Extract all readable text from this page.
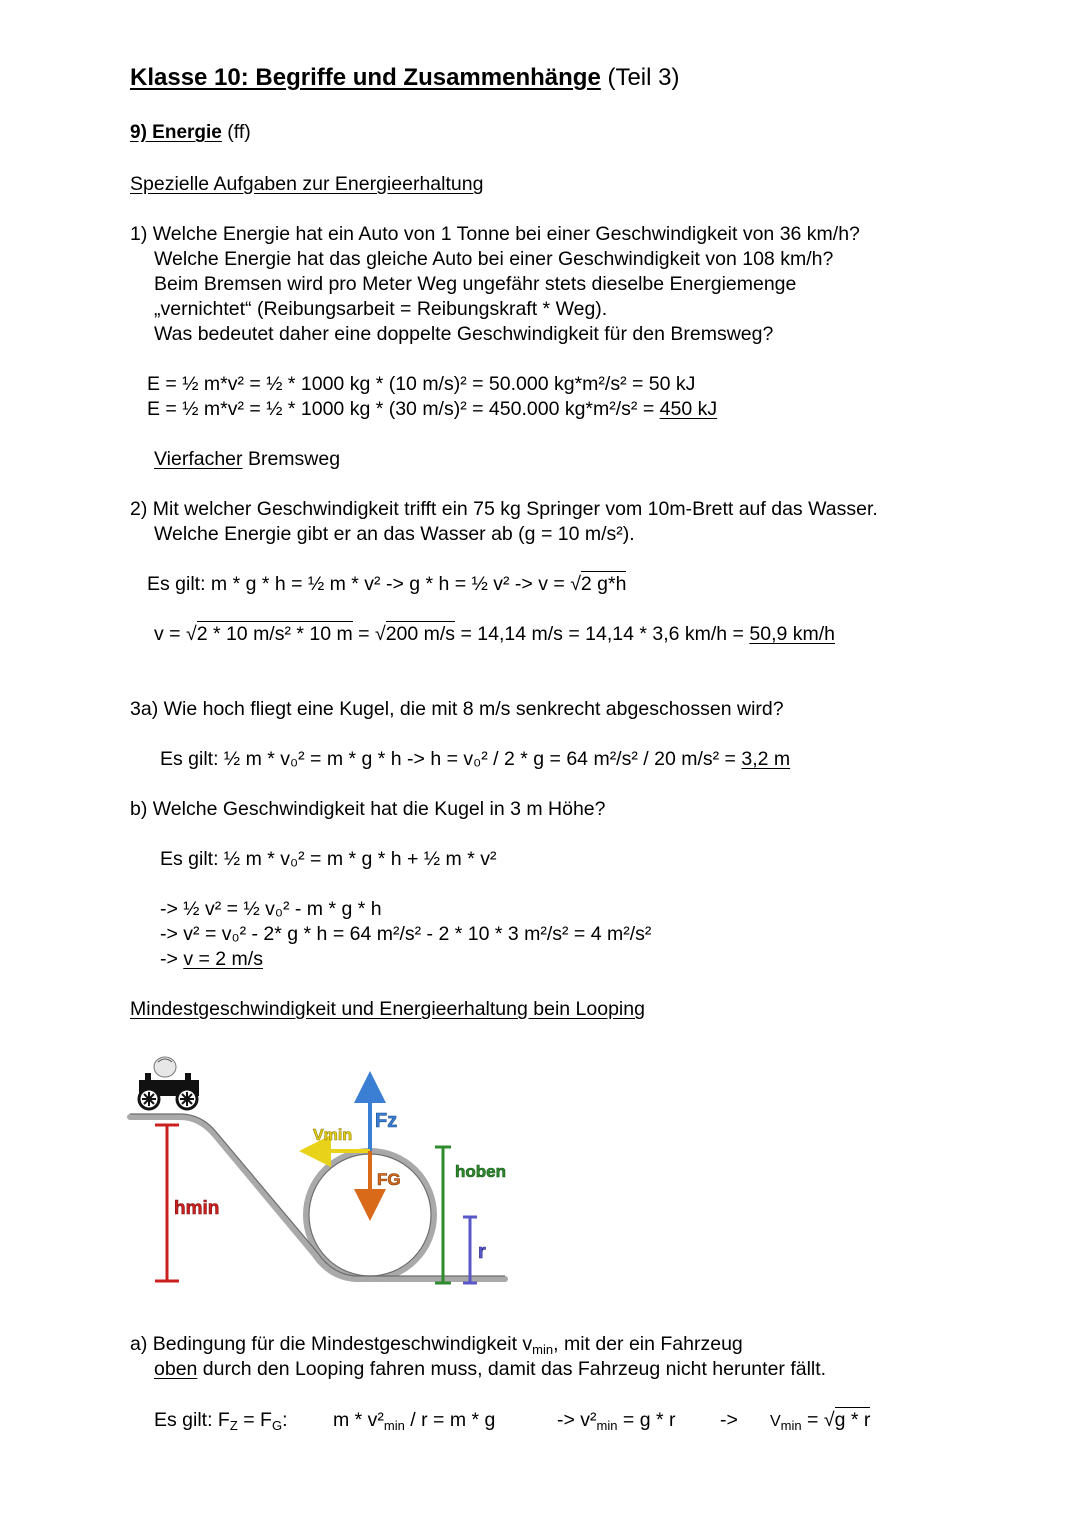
Klasse 10: Begriffe und Zusammenhänge (Teil 3)
9) Energie (ff)
Spezielle Aufgaben zur Energieerhaltung
1) Welche Energie hat ein Auto von 1 Tonne bei einer Geschwindigkeit von 36 km/h?
Welche Energie hat das gleiche Auto bei einer Geschwindigkeit von 108 km/h?
Beim Bremsen wird pro Meter Weg ungefähr stets dieselbe Energiemenge
„vernichtet“ (Reibungsarbeit = Reibungskraft * Weg).
Was bedeutet daher eine doppelte Geschwindigkeit für den Bremsweg?
E = ½ m*v² = ½ * 1000 kg * (10 m/s)² = 50.000 kg*m²/s² = 50 kJ
E = ½ m*v² = ½ * 1000 kg * (30 m/s)² = 450.000 kg*m²/s² = 450 kJ
Vierfacher Bremsweg
2) Mit welcher Geschwindigkeit trifft ein 75 kg Springer vom 10m-Brett auf das Wasser.
Welche Energie gibt er an das Wasser ab (g = 10 m/s²).
Es gilt: m * g * h = ½ m * v² -> g * h = ½ v² -> v = √2 g*h
v = √2 * 10 m/s² * 10 m = √200 m/s = 14,14 m/s = 14,14 * 3,6 km/h = 50,9 km/h
3a) Wie hoch fliegt eine Kugel, die mit 8 m/s senkrecht abgeschossen wird?
Es gilt: ½ m * v₀² = m * g * h -> h = v₀² / 2 * g = 64 m²/s² / 20 m/s² = 3,2 m
b) Welche Geschwindigkeit hat die Kugel in 3 m Höhe?
Es gilt: ½ m * v₀² = m * g * h + ½ m * v²
-> ½ v² = ½ v₀² - m * g * h
-> v² = v₀² - 2* g * h = 64 m²/s² - 2 * 10 * 3 m²/s² = 4 m²/s²
-> v = 2 m/s
Mindestgeschwindigkeit und Energieerhaltung bein Looping
hmin
Fz
Vmin
FG	hoben
r
a) Bedingung für die Mindestgeschwindigkeit $v_{min}$, mit der ein Fahrzeug
oben durch den Looping fahren muss, damit das Fahrzeug nicht herunter fällt.
Es gilt: $F_Z = F_G$: $m * v^2_{min} / r = m * g$	-> $v^2_{min} = g * r -> V_{min} = √g * r$
